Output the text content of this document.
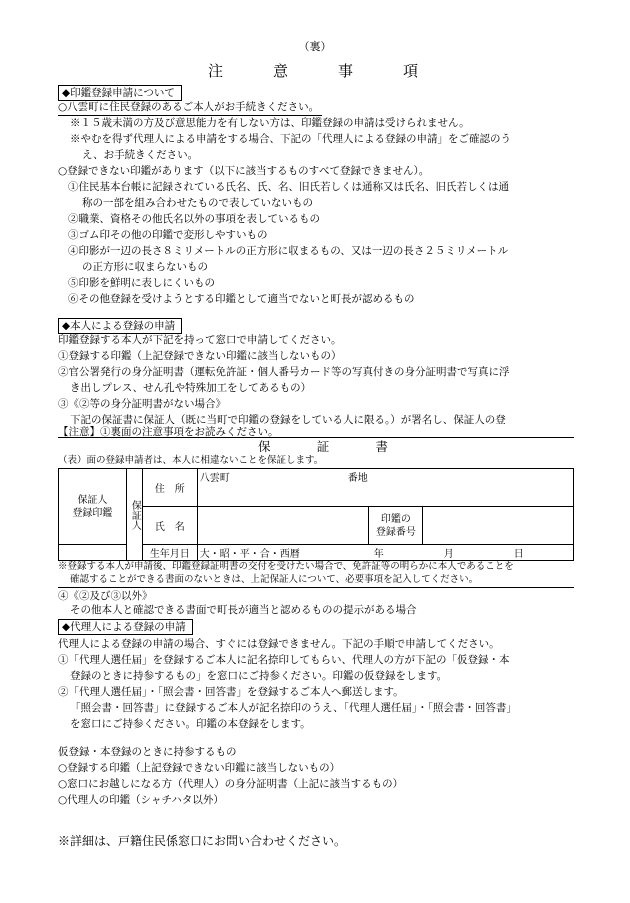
（裏）
注	意	事	項
◆印鑑登録申請について
○八雲町に住民登録のあるご本人がお手続きください。
※１５歳未満の方及び意思能力を有しない方は、印鑑登録の申請は受けられません。
※やむを得ず代理人による申請をする場合、下記の「代理人による登録の申請」をご確認のう
え、お手続きください。
○登録できない印鑑があります（以下に該当するものすべて登録できません）。
①住民基本台帳に記録されている氏名、氏、名、旧氏若しくは通称又は氏名、旧氏若しくは通
称の一部を組み合わせたもので表していないもの
②職業、資格その他氏名以外の事項を表しているもの
③ゴム印その他の印鑑で変形しやすいもの
④印影が一辺の長さ８ミリメートルの正方形に収まるもの、又は一辺の長さ２５ミリメートル
の正方形に収まらないもの
⑤印影を鮮明に表しにくいもの
⑥その他登録を受けようとする印鑑として適当でないと町長が認めるもの
◆本人による登録の申請
印鑑登録する本人が下記を持って窓口で申請してください。
①登録する印鑑（上記登録できない印鑑に該当しないもの）
②官公署発行の身分証明書（運転免許証・個人番号カード等の写真付きの身分証明書で写真に浮
き出しプレス、せん孔や特殊加工をしてあるもの）
③《②等の身分証明書がない場合》
下記の保証書に保証人（既に当町で印鑑の登録をしている人に限る。）が署名し、保証人の登
【注意】①裏面の注意事項をお読みください。
保	証	書
（表）面の登録申請者は、本人に相違ないことを保証します。
保証人
登録印鑑	保証人	住　所	八雲町 番地		

		氏　名		印鑑の
登録番号	
		生年月日	大・昭・平・合・西暦 年 月 日		
※登録する本人が申請後、印鑑登録証明書の交付を受けたい場合で、免許証等の明らかに本人であることを
確認することができる書面のないときは、上記保証人について、必要事項を記入してください。
④《②及び③以外》
その他本人と確認できる書面で町長が適当と認めるものの提示がある場合
◆代理人による登録の申請
代理人による登録の申請の場合、すぐには登録できません。下記の手順で申請してください。
①「代理人選任届」を登録するご本人に記名捺印してもらい、代理人の方が下記の「仮登録・本
登録のときに持参するもの」を窓口にご持参ください。印鑑の仮登録をします。
②「代理人選任届」・「照会書・回答書」を登録するご本人へ郵送します。
「照会書・回答書」に登録するご本人が記名捺印のうえ、「代理人選任届」・「照会書・回答書」
を窓口にご持参ください。印鑑の本登録をします。
仮登録・本登録のときに持参するもの
○登録する印鑑（上記登録できない印鑑に該当しないもの）
○窓口にお越しになる方（代理人）の身分証明書（上記に該当するもの）
○代理人の印鑑（シャチハタ以外）
※詳細は、戸籍住民係窓口にお問い合わせください。
